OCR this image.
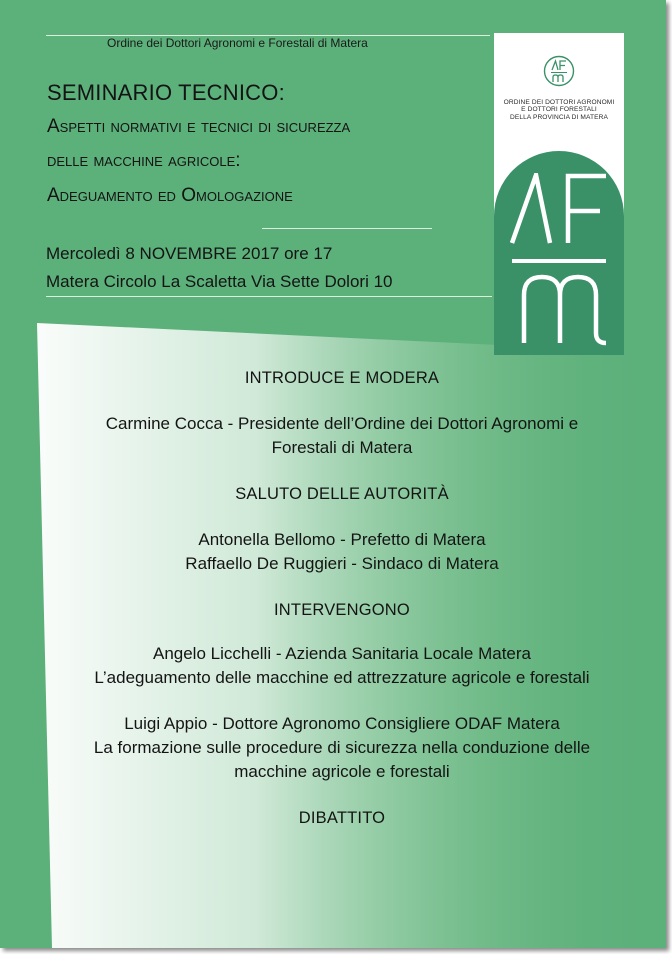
Ordine dei Dottori Agronomi e Forestali di Matera
SEMINARIO TECNICO:
Aspetti normativi e tecnici di sicurezza
delle macchine agricole:
Adeguamento ed Omologazione
Mercoledì 8 NOVEMBRE 2017 ore 17
Matera Circolo La Scaletta Via Sette Dolori 10
ORDINE DEI DOTTORI AGRONOMI
E DOTTORI FORESTALI
DELLA PROVINCIA DI MATERA
INTRODUCE E MODERA
Carmine Cocca - Presidente dell’Ordine dei Dottori Agronomi e
Forestali di Matera
SALUTO DELLE AUTORITÀ
Antonella Bellomo - Prefetto di Matera
Raffaello De Ruggieri - Sindaco di Matera
INTERVENGONO
Angelo Licchelli - Azienda Sanitaria Locale Matera
L’adeguamento delle macchine ed attrezzature agricole e forestali
Luigi Appio - Dottore Agronomo Consigliere ODAF Matera
La formazione sulle procedure di sicurezza nella conduzione delle
macchine agricole e forestali
DIBATTITO
